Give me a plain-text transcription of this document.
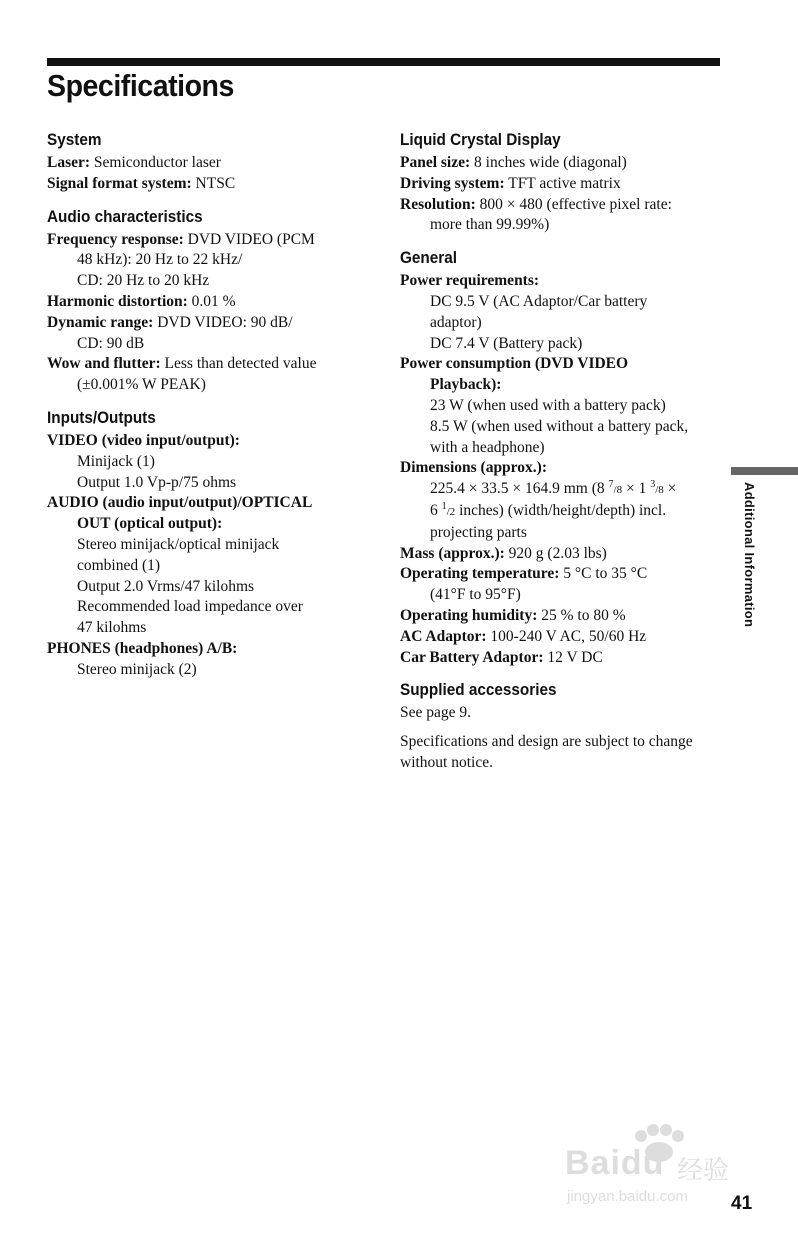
Specifications
System
Laser: Semiconductor laser
Signal format system: NTSC
Audio characteristics
Frequency response: DVD VIDEO (PCM
48 kHz): 20 Hz to 22 kHz/
CD: 20 Hz to 20 kHz
Harmonic distortion: 0.01 %
Dynamic range: DVD VIDEO: 90 dB/
CD: 90 dB
Wow and flutter: Less than detected value
(±0.001% W PEAK)
Inputs/Outputs
VIDEO (video input/output):
Minijack (1)
Output 1.0 Vp-p/75 ohms
AUDIO (audio input/output)/OPTICAL
OUT (optical output):
Stereo minijack/optical minijack
combined (1)
Output 2.0 Vrms/47 kilohms
Recommended load impedance over
47 kilohms
PHONES (headphones) A/B:
Stereo minijack (2)
Liquid Crystal Display
Panel size: 8 inches wide (diagonal)
Driving system: TFT active matrix
Resolution: 800 × 480 (effective pixel rate:
more than 99.99%)
General
Power requirements:
DC 9.5 V (AC Adaptor/Car battery
adaptor)
DC 7.4 V (Battery pack)
Power consumption (DVD VIDEO
Playback):
23 W (when used with a battery pack)
8.5 W (when used without a battery pack,
with a headphone)
Dimensions (approx.):
225.4 × 33.5 × 164.9 mm (8 $^7$/8 × 1 $^3$/8 ×
6 $^1$/2 inches) (width/height/depth) incl.
projecting parts
Mass (approx.): 920 g (2.03 lbs)
Operating temperature: 5 °C to 35 °C
(41°F to 95°F)
Operating humidity: 25 % to 80 %
AC Adaptor: 100-240 V AC, 50/60 Hz
Car Battery Adaptor: 12 V DC
Supplied accessories

See page 9.

Specifications and design are subject to change without notice.

Additional Information
Baidu 经验
jingyan.baidu.com 41
